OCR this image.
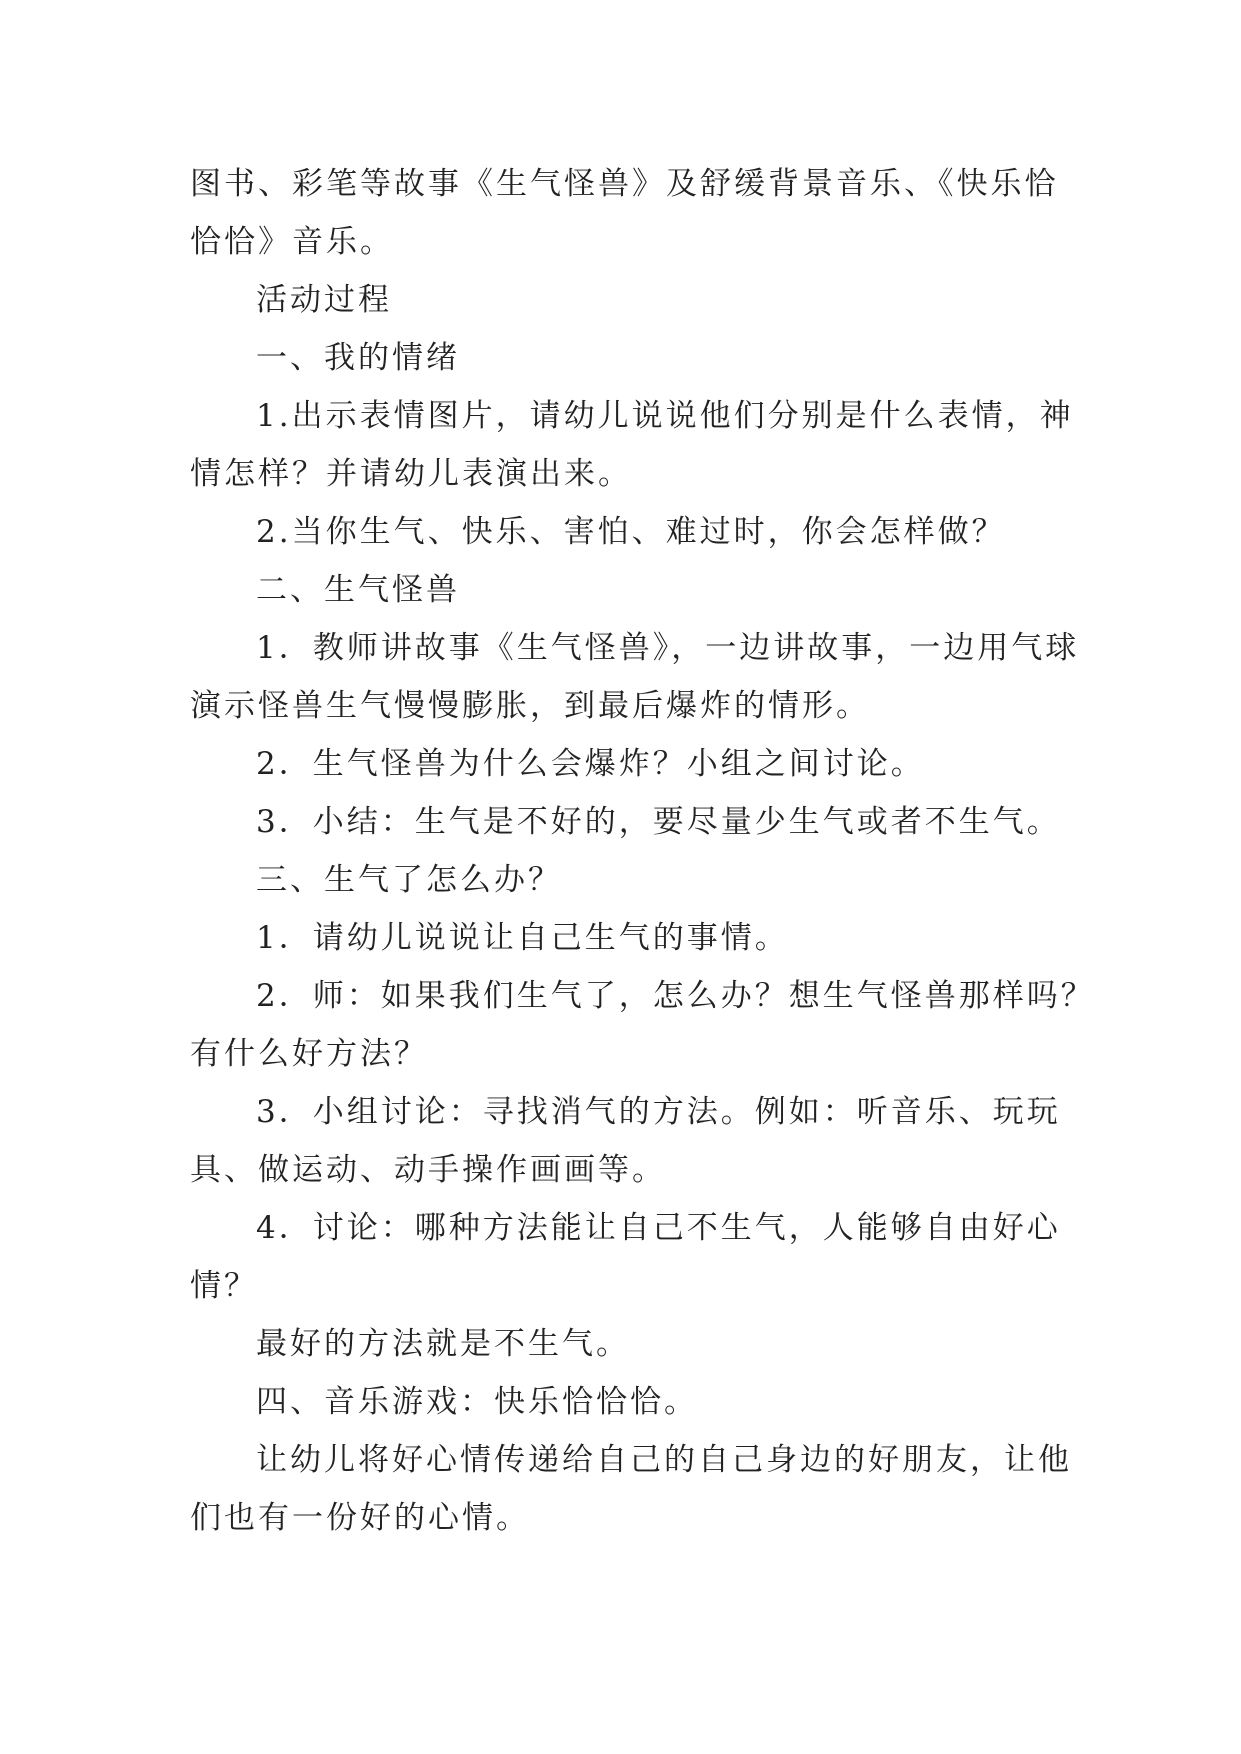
图书、彩笔等故事《生气怪兽》及舒缓背景音乐、《快乐恰
恰恰》音乐。
活动过程
一、我的情绪
1.出示表情图片，请幼儿说说他们分别是什么表情，神
情怎样？并请幼儿表演出来。
2.当你生气、快乐、害怕、难过时，你会怎样做？
二、生气怪兽
1．教师讲故事《生气怪兽》，一边讲故事，一边用气球
演示怪兽生气慢慢膨胀，到最后爆炸的情形。
2．生气怪兽为什么会爆炸？小组之间讨论。
3．小结：生气是不好的，要尽量少生气或者不生气。
三、生气了怎么办？
1．请幼儿说说让自己生气的事情。
2．师：如果我们生气了，怎么办？想生气怪兽那样吗？
有什么好方法？
3．小组讨论：寻找消气的方法。例如：听音乐、玩玩
具、做运动、动手操作画画等。
4．讨论：哪种方法能让自己不生气，人能够自由好心
情？
最好的方法就是不生气。
四、音乐游戏：快乐恰恰恰。
让幼儿将好心情传递给自己的自己身边的好朋友，让他
们也有一份好的心情。
